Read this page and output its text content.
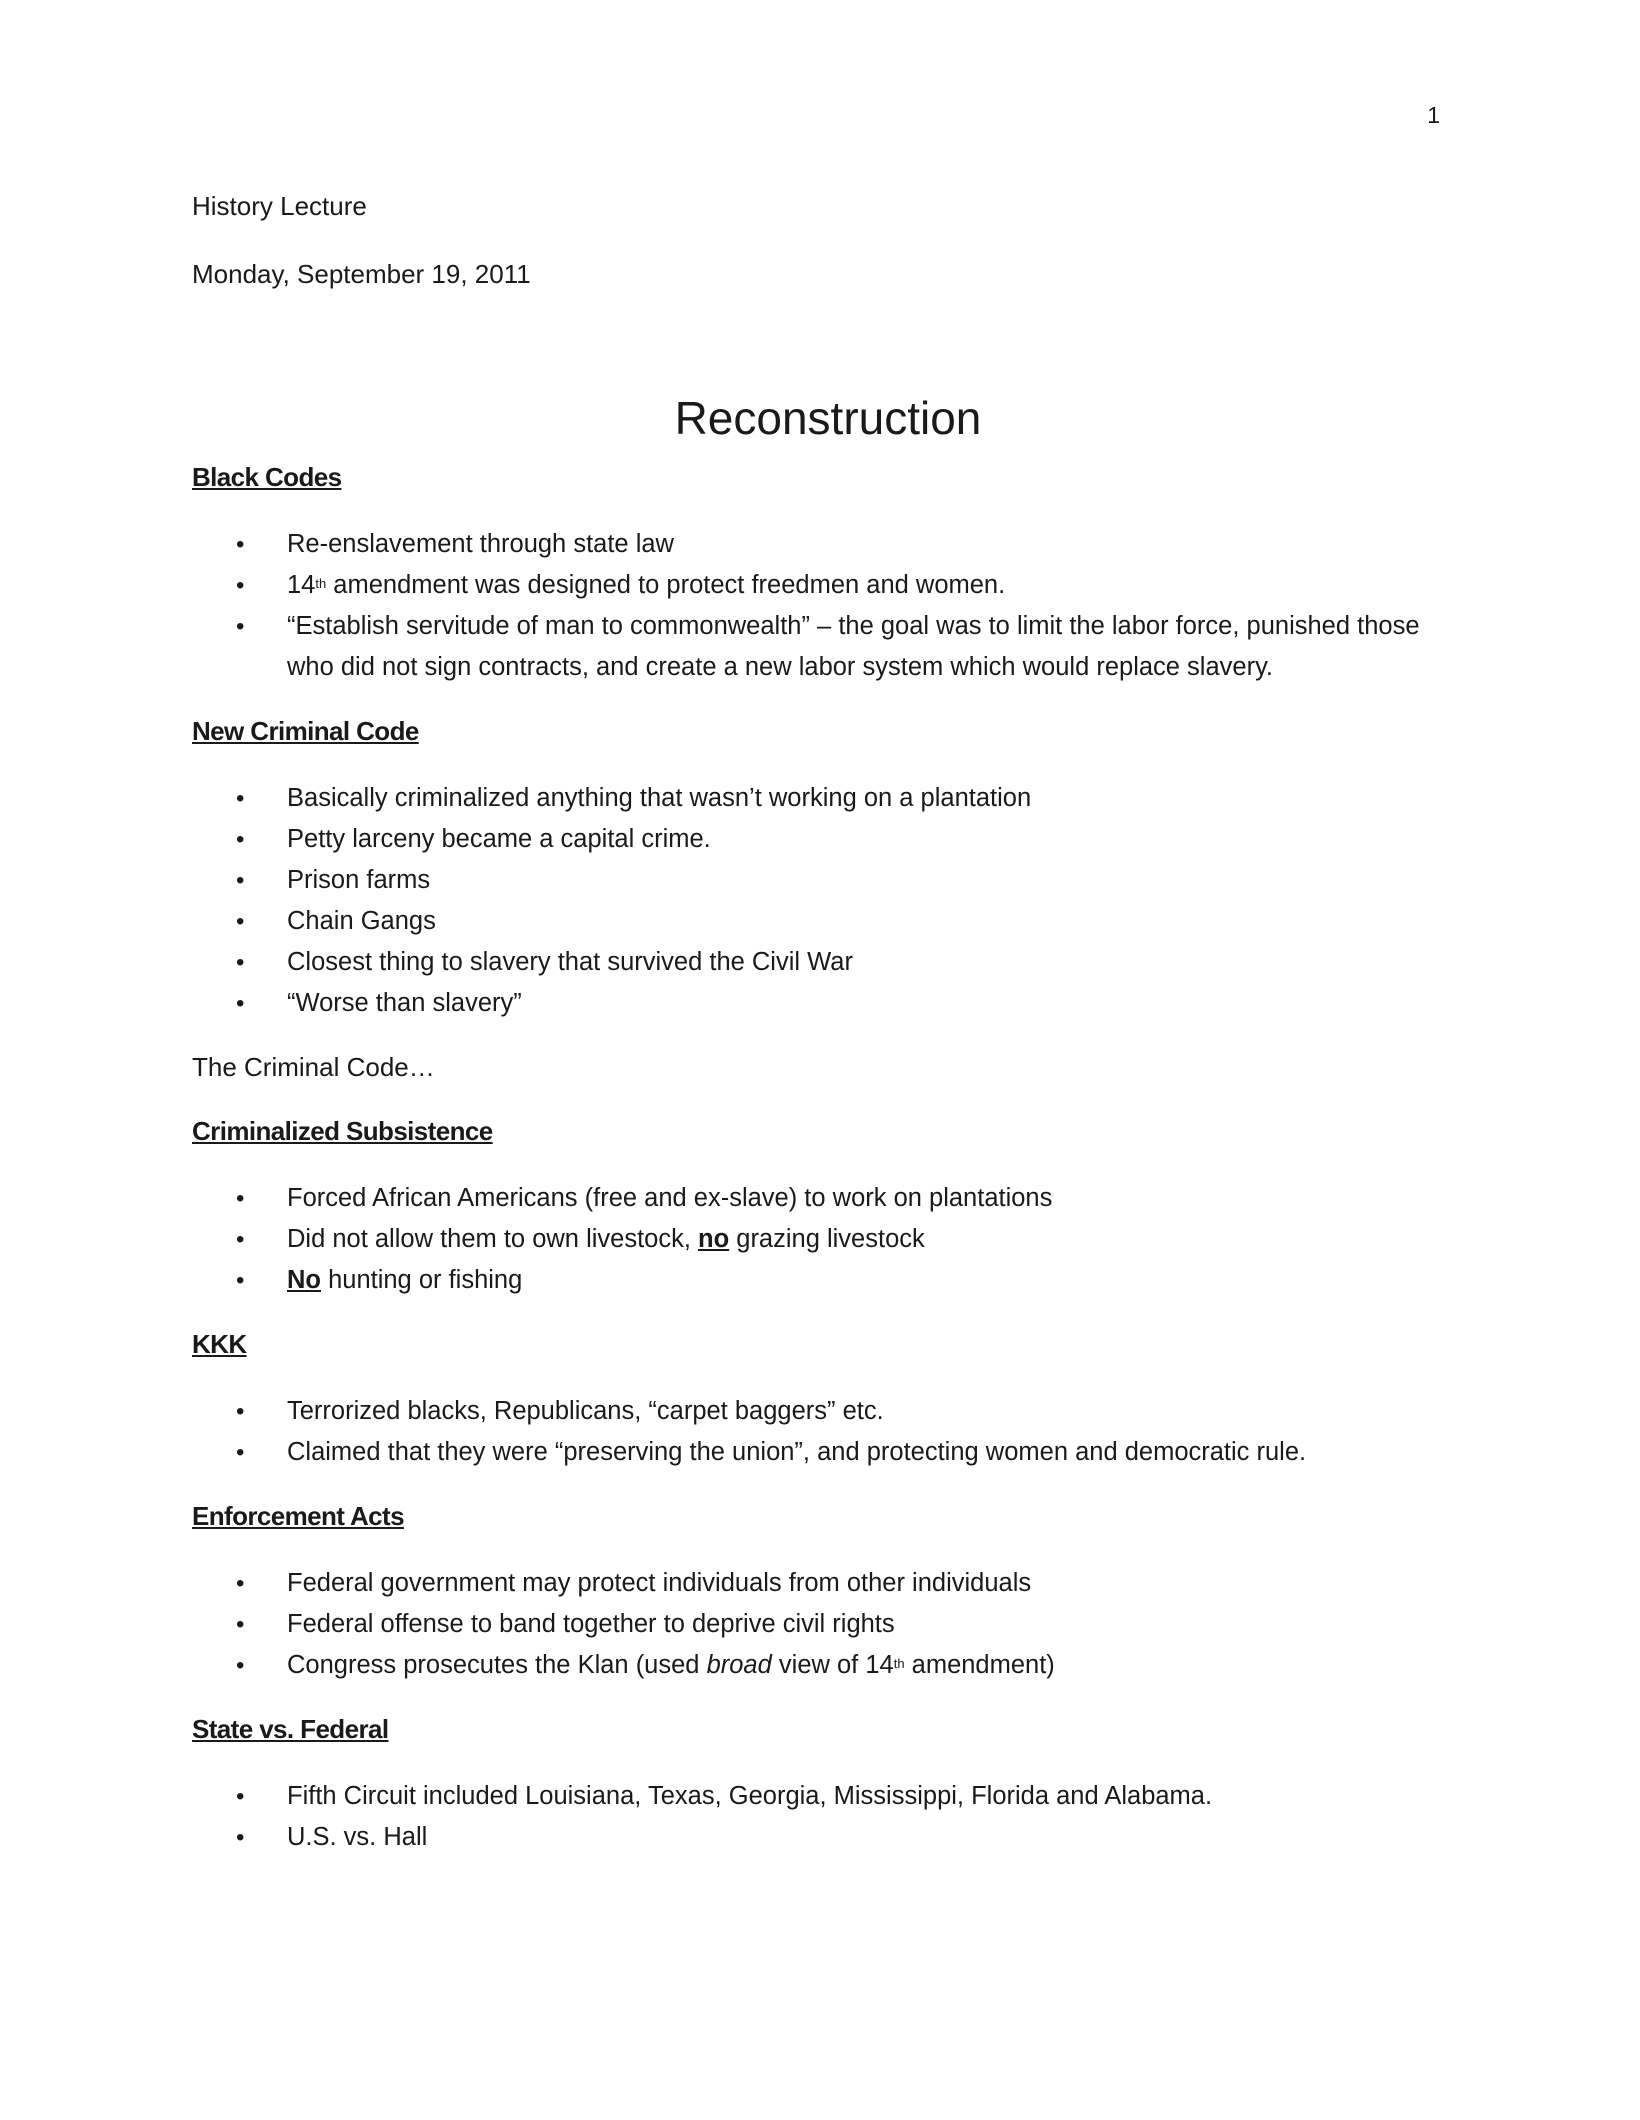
1

History Lecture

Monday, September 19, 2011

Reconstruction
Black Codes
• Re-enslavement through state law
• 14th amendment was designed to protect freedmen and women.
• “Establish servitude of man to commonwealth” – the goal was to limit the labor force, punished those who did not sign contracts, and create a new labor system which would replace slavery.
New Criminal Code
• Basically criminalized anything that wasn’t working on a plantation
• Petty larceny became a capital crime.
• Prison farms
• Chain Gangs
• Closest thing to slavery that survived the Civil War
• “Worse than slavery”

The Criminal Code…

Criminalized Subsistence
• Forced African Americans (free and ex-slave) to work on plantations
• Did not allow them to own livestock, no grazing livestock
• No hunting or fishing
KKK
• Terrorized blacks, Republicans, “carpet baggers” etc.
• Claimed that they were “preserving the union”, and protecting women and democratic rule.
Enforcement Acts
• Federal government may protect individuals from other individuals
• Federal offense to band together to deprive civil rights
• Congress prosecutes the Klan (used broad view of 14th amendment)
State vs. Federal
• Fifth Circuit included Louisiana, Texas, Georgia, Mississippi, Florida and Alabama.
• U.S. vs. Hall
